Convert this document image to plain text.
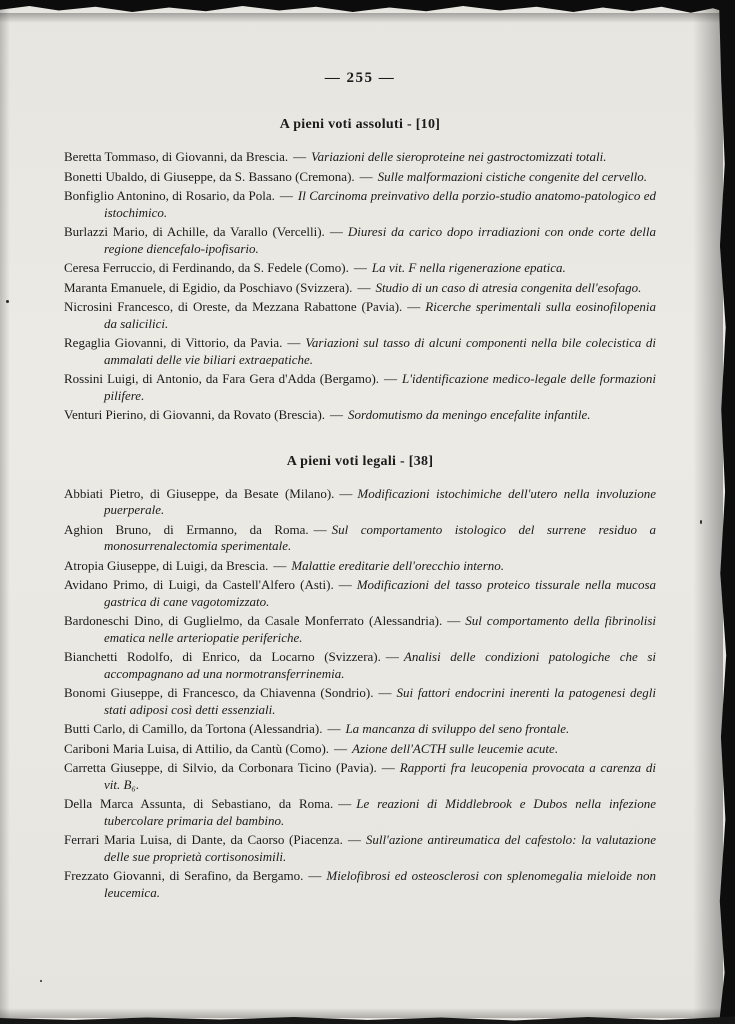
— 255 —
A pieni voti assoluti - [10]

Beretta Tommaso, di Giovanni, da Brescia. — Variazioni delle sieroproteine nei gastroctomizzati totali.

Bonetti Ubaldo, di Giuseppe, da S. Bassano (Cremona). — Sulle malformazioni cistiche congenite del cervello.

Bonfiglio Antonino, di Rosario, da Pola. — Il Carcinoma preinvativo della porzio-studio anatomo-patologico ed istochimico.

Burlazzi Mario, di Achille, da Varallo (Vercelli). — Diuresi da carico dopo irradiazioni con onde corte della regione diencefalo-ipofisario.

Ceresa Ferruccio, di Ferdinando, da S. Fedele (Como). — La vit. F nella rigenerazione epatica.

Maranta Emanuele, di Egidio, da Poschiavo (Svizzera). — Studio di un caso di atresia congenita dell'esofago.

Nicrosini Francesco, di Oreste, da Mezzana Rabattone (Pavia). — Ricerche sperimentali sulla eosinofilopenia da salicilici.

Regaglia Giovanni, di Vittorio, da Pavia. — Variazioni sul tasso di alcuni componenti nella bile colecistica di ammalati delle vie biliari extraepatiche.

Rossini Luigi, di Antonio, da Fara Gera d'Adda (Bergamo). — L'identificazione medico-legale delle formazioni pilifere.

Venturi Pierino, di Giovanni, da Rovato (Brescia). — Sordomutismo da meningo encefalite infantile.

A pieni voti legali - [38]

Abbiati Pietro, di Giuseppe, da Besate (Milano). — Modificazioni istochimiche dell'utero nella involuzione puerperale.

Aghion Bruno, di Ermanno, da Roma. — Sul comportamento istologico del surrene residuo a monosurrenalectomia sperimentale.

Atropia Giuseppe, di Luigi, da Brescia. — Malattie ereditarie dell'orecchio interno.

Avidano Primo, di Luigi, da Castell'Alfero (Asti). — Modificazioni del tasso proteico tissurale nella mucosa gastrica di cane vagotomizzato.

Bardoneschi Dino, di Guglielmo, da Casale Monferrato (Alessandria). — Sul comportamento della fibrinolisi ematica nelle arteriopatie periferiche.

Bianchetti Rodolfo, di Enrico, da Locarno (Svizzera). — Analisi delle condizioni patologiche che si accompagnano ad una normotransferrinemia.

Bonomi Giuseppe, di Francesco, da Chiavenna (Sondrio). — Sui fattori endocrini inerenti la patogenesi degli stati adiposi così detti essenziali.

Butti Carlo, di Camillo, da Tortona (Alessandria). — La mancanza di sviluppo del seno frontale.

Cariboni Maria Luisa, di Attilio, da Cantù (Como). — Azione dell'ACTH sulle leucemie acute.

Carretta Giuseppe, di Silvio, da Corbonara Ticino (Pavia). — Rapporti fra leucopenia provocata a carenza di vit. B₆.

Della Marca Assunta, di Sebastiano, da Roma. — Le reazioni di Middlebrook e Dubos nella infezione tubercolare primaria del bambino.

Ferrari Maria Luisa, di Dante, da Caorso (Piacenza. — Sull'azione antireumatica del cafestolo: la valutazione delle sue proprietà cortisonosimili.

Frezzato Giovanni, di Serafino, da Bergamo. — Mielofibrosi ed osteosclerosi con splenomegalia mieloide non leucemica.
